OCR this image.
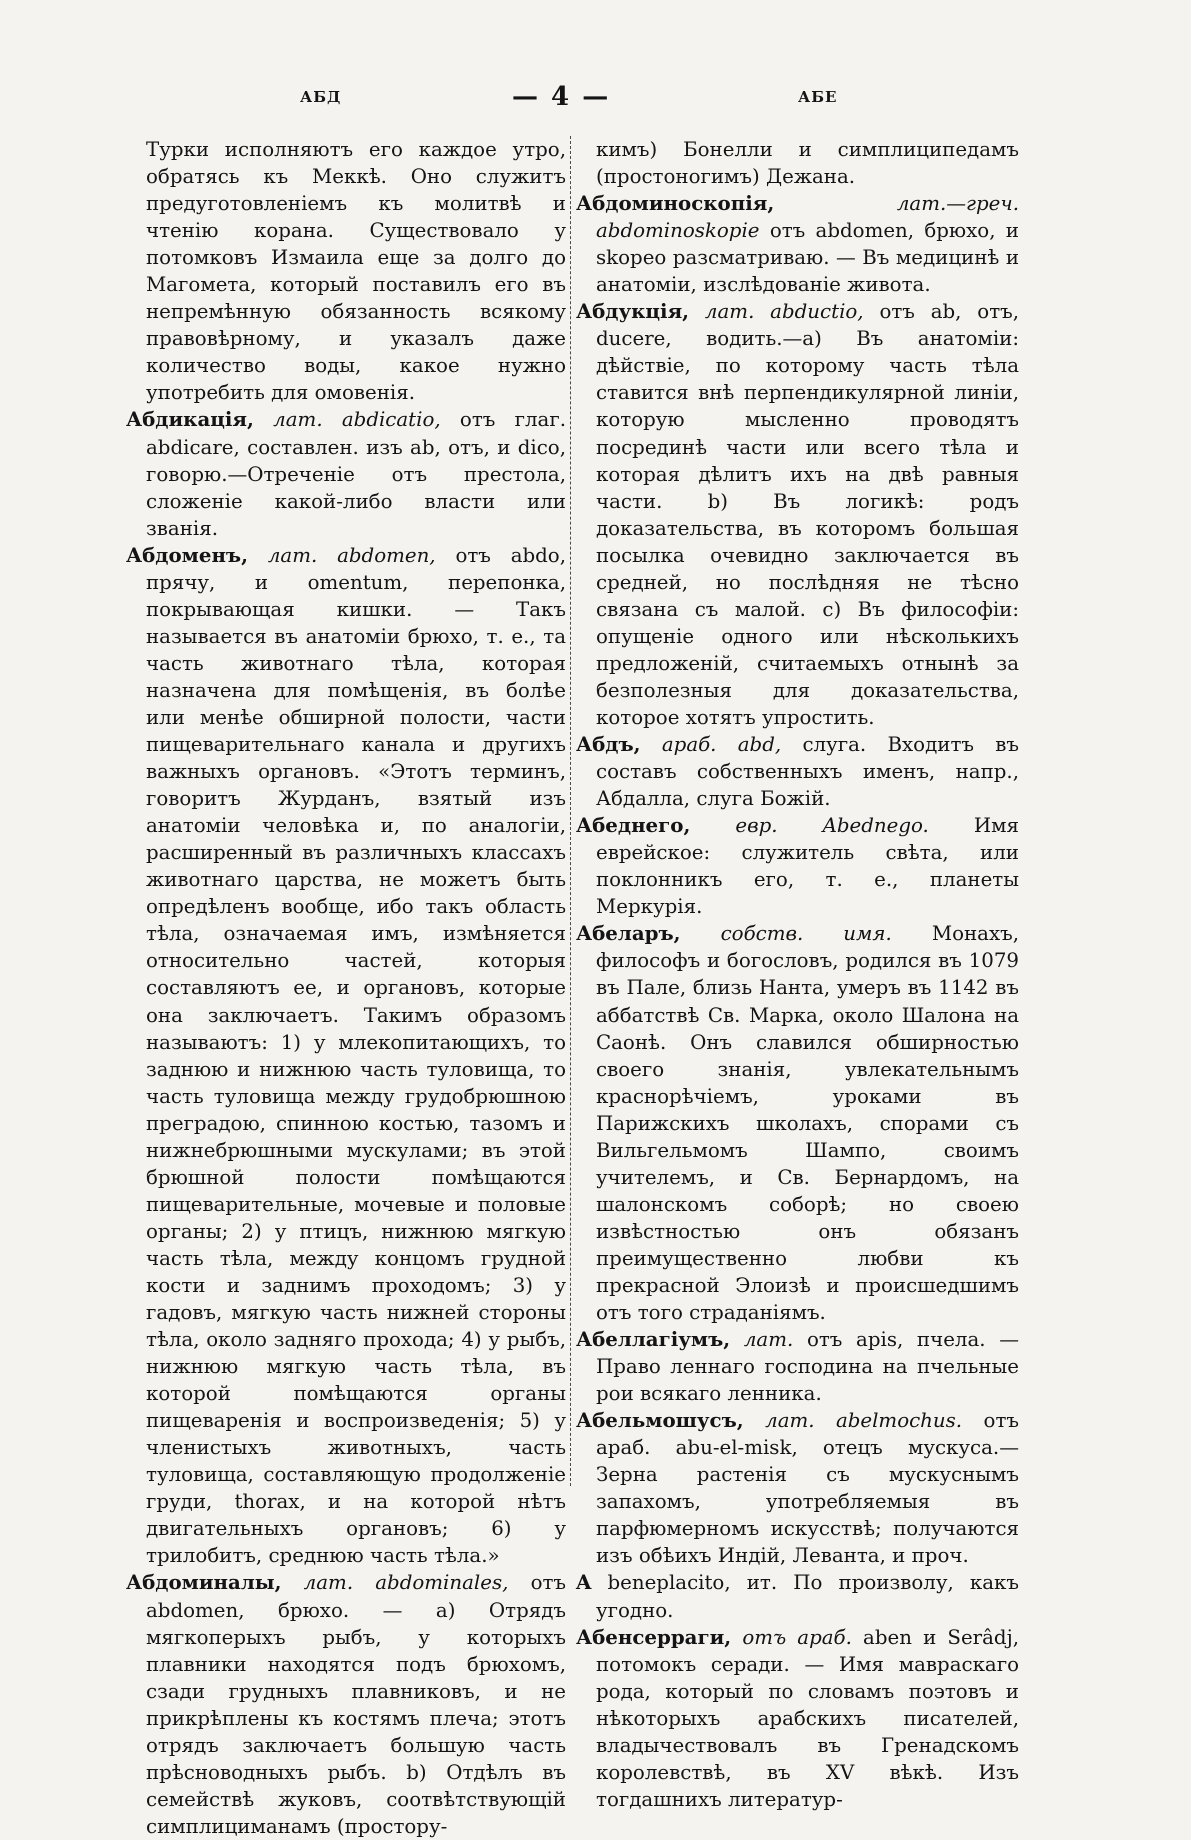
АБД	— 4 —	АБЕ
Турки исполняютъ его каждое утро, обратясь къ Меккѣ. Оно служитъ предуготовленіемъ къ молитвѣ и чтенію корана. Существовало у потомковъ Измаила еще за долго до Магомета, который поставилъ его въ непремѣнную обязанность всякому правовѣрному, и указалъ даже количество воды, какое нужно употребить для омовенія.
Абдикація, лат. abdicatio, отъ глаг. abdicare, составлен. изъ ab, отъ, и dico, говорю.—Отреченіе отъ престола, сложеніе какой-либо власти или званія.
Абдоменъ, лат. abdomen, отъ abdo, прячу, и omentum, перепонка, покрывающая кишки. — Такъ называется въ анатоміи брюхо, т. е., та часть животнаго тѣла, которая назначена для помѣщенія, въ болѣе или менѣе обширной полости, части пищеварительнаго канала и другихъ важныхъ органовъ. «Этотъ терминъ, говоритъ Журданъ, взятый изъ анатоміи человѣка и, по аналогіи, расширенный въ различныхъ классахъ животнаго царства, не можетъ быть опредѣленъ вообще, ибо такъ область тѣла, означаемая имъ, измѣняется относительно частей, которыя составляютъ ее, и органовъ, которые она заключаетъ. Такимъ образомъ называютъ: 1) у млекопитающихъ, то заднюю и нижнюю часть туловища, то часть туловища между грудобрюшною преградою, спинною костью, тазомъ и нижнебрюшными мускулами; въ этой брюшной полости помѣщаются пищеварительные, мочевые и половые органы; 2) у птицъ, нижнюю мягкую часть тѣла, между концомъ грудной кости и заднимъ проходомъ; 3) у гадовъ, мягкую часть нижней стороны тѣла, около задняго прохода; 4) у рыбъ, нижнюю мягкую часть тѣла, въ которой помѣщаются органы пищеваренія и воспроизведенія; 5) у членистыхъ животныхъ, часть туловища, составляющую продолженіе груди, thorax, и на которой нѣтъ двигательныхъ органовъ; 6) у трилобитъ, среднюю часть тѣла.»
Абдоминалы, лат. abdominales, отъ abdomen, брюхо. — a) Отрядъ мягкоперыхъ рыбъ, у которыхъ плавники находятся подъ брюхомъ, сзади грудныхъ плавниковъ, и не прикрѣплены къ костямъ плеча; этотъ отрядъ заключаетъ большую часть прѣсноводныхъ рыбъ. b) Отдѣлъ въ семействѣ жуковъ, соотвѣтствующій симплициманамъ (простору-
кимъ) Бонелли и симплиципедамъ (простоногимъ) Дежана.
Абдоминоскопія,	лат.—греч. abdominoskopie отъ abdomen, брюхо, и skopeo разсматриваю. — Въ медицинѣ и анатоміи, изслѣдованіе живота.
Абдукція, лат. abductio, отъ ab, отъ, duсere, водить.—a) Въ анатоміи: дѣйствіе, по которому часть тѣла ставится внѣ перпендикулярной линіи, которую мысленно проводятъ посрединѣ части или всего тѣла и которая дѣлитъ ихъ на двѣ равныя части. b) Въ логикѣ: родъ доказательства, въ которомъ большая посылка очевидно заключается въ средней, но послѣдняя не тѣсно связана съ малой. c) Въ философіи: опущеніе одного или нѣсколькихъ предложеній, считаемыхъ отнынѣ за безполезныя для доказательства, которое хотятъ упростить.
Абдъ, араб. abd, слуга. Входитъ въ составъ собственныхъ именъ, напр., Абдалла, слуга Божій.
Абеднего, евр. Abednego. Имя еврейское: служитель свѣта, или поклонникъ его, т. е., планеты Меркурія.
Абеларъ, собств. имя. Монахъ, философъ и богословъ, родился въ 1079 въ Пале, близь Нанта, умеръ въ 1142 въ аббатствѣ Св. Марка, около Шалона на Саонѣ. Онъ славился обширностью своего знанія, увлекательнымъ краснорѣчіемъ, уроками въ Парижскихъ школахъ, спорами съ Вильгельмомъ Шампо, своимъ учителемъ, и Св. Бернардомъ, на шалонскомъ соборѣ; но своею извѣстностью онъ обязанъ преимущественно любви къ прекрасной Элоизѣ и происшедшимъ отъ того страданіямъ.
Абеллагіумъ, лат. отъ apis, пчела. —Право леннаго господина на пчельные рои всякаго ленника.
Абельмошусъ, лат. abelmochus. отъ араб. abu-el-misk, отецъ мускуса.—Зерна растенія съ мускуснымъ запахомъ, употребляемыя въ парфюмерномъ искусствѣ; получаются изъ обѣихъ Индій, Леванта, и проч.
A beneplacito, ит. По произволу, какъ угодно.
Абенсерраги, отъ араб. aben и Serâdj, потомокъ серади. — Имя мавраскаго рода, который по словамъ поэтовъ и нѣкоторыхъ арабскихъ писателей, владычествовалъ въ Гренадскомъ королевствѣ, въ XV вѣкѣ. Изъ тогдашнихъ литератур-
